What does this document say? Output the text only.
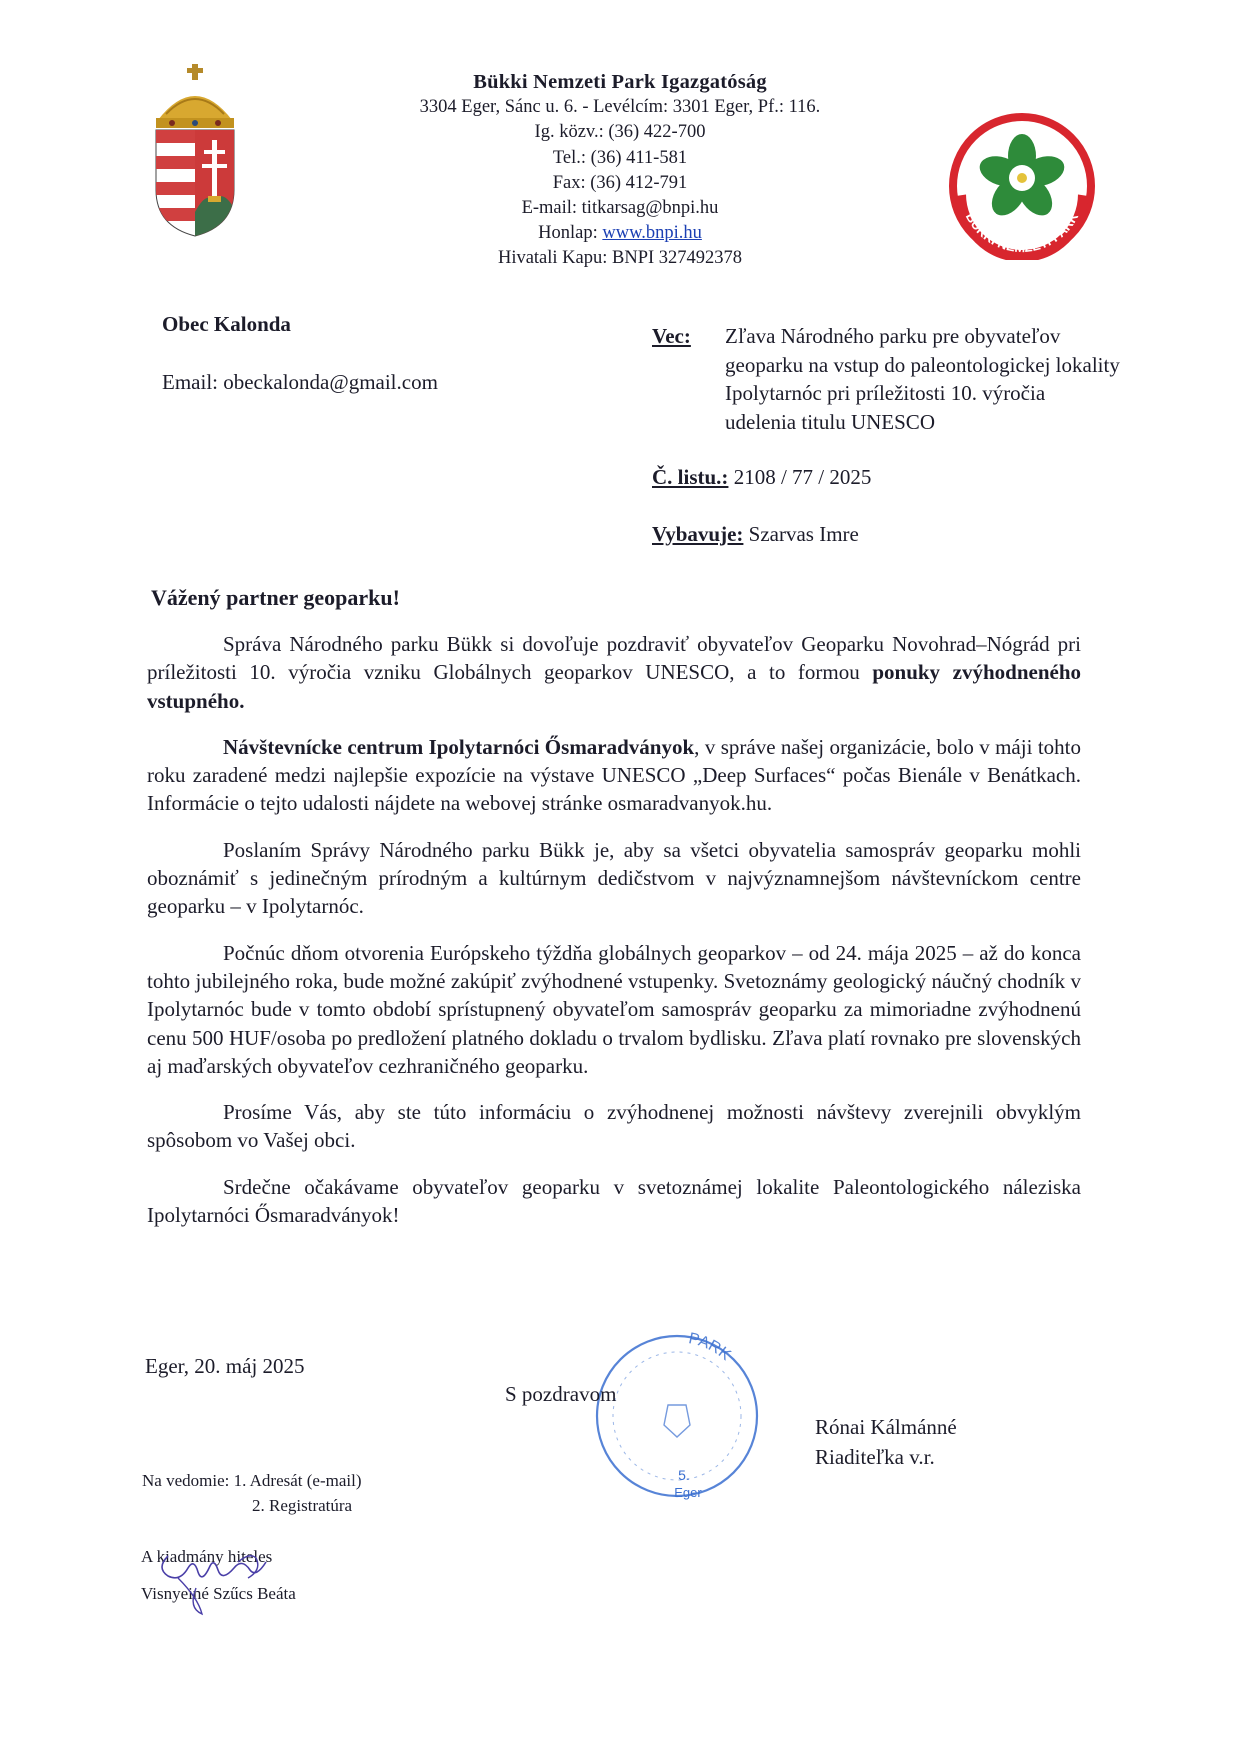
BÜKKI NEMZETI PARK
Bükki Nemzeti Park Igazgatóság
3304 Eger, Sánc u. 6. - Levélcím: 3301 Eger, Pf.: 116.
Ig. közv.: (36) 422-700
Tel.: (36) 411-581
Fax: (36) 412-791
E-mail: titkarsag@bnpi.hu
Honlap: www.bnpi.hu
Hivatali Kapu: BNPI 327492378
Obec Kalonda
Email: obeckalonda@gmail.com
Vec: Zľava Národného parku pre obyvateľov geoparku na vstup do paleontologickej lokality Ipolytarnóc pri príležitosti 10. výročia udelenia titulu UNESCO
Č. listu.: 2108 / 77 / 2025
Vybavuje: Szarvas Imre
Vážený partner geoparku!

Správa Národného parku Bükk si dovoľuje pozdraviť obyvateľov Geoparku Novohrad–Nógrád pri príležitosti 10. výročia vzniku Globálnych geoparkov UNESCO, a to formou ponuky zvýhodneného vstupného.

Návštevnícke centrum Ipolytarnóci Ősmaradványok, v správe našej organizácie, bolo v máji tohto roku zaradené medzi najlepšie expozície na výstave UNESCO „Deep Surfaces“ počas Bienále v Benátkach. Informácie o tejto udalosti nájdete na webovej stránke osmaradvanyok.hu.

Poslaním Správy Národného parku Bükk je, aby sa všetci obyvatelia samospráv geoparku mohli oboznámiť s jedinečným prírodným a kultúrnym dedičstvom v najvýznamnejšom návštevníckom centre geoparku – v Ipolytarnóc.

Počnúc dňom otvorenia Európskeho týždňa globálnych geoparkov – od 24. mája 2025 – až do konca tohto jubilejného roka, bude možné zakúpiť zvýhodnené vstupenky. Svetoznámy geologický náučný chodník v Ipolytarnóc bude v tomto období sprístupnený obyvateľom samospráv geoparku za mimoriadne zvýhodnenú cenu 500 HUF/osoba po predložení platného dokladu o trvalom bydlisku. Zľava platí rovnako pre slovenských aj maďarských obyvateľov cezhraničného geoparku.

Prosíme Vás, aby ste túto informáciu o zvýhodnenej možnosti návštevy zverejnili obvyklým spôsobom vo Vašej obci.

Srdečne očakávame obyvateľov geoparku v svetoznámej lokalite Paleontologického náleziska Ipolytarnóci Ősmaradványok!

Eger, 20. máj 2025
PARK
5.
Eger
S pozdravom
Rónai Kálmánné
Riaditeľka v.r.
Na vedomie: 1. Adresát (e-mail)
2. Registratúra
A kiadmány hiteles
Visnyeiné Szűcs Beáta
